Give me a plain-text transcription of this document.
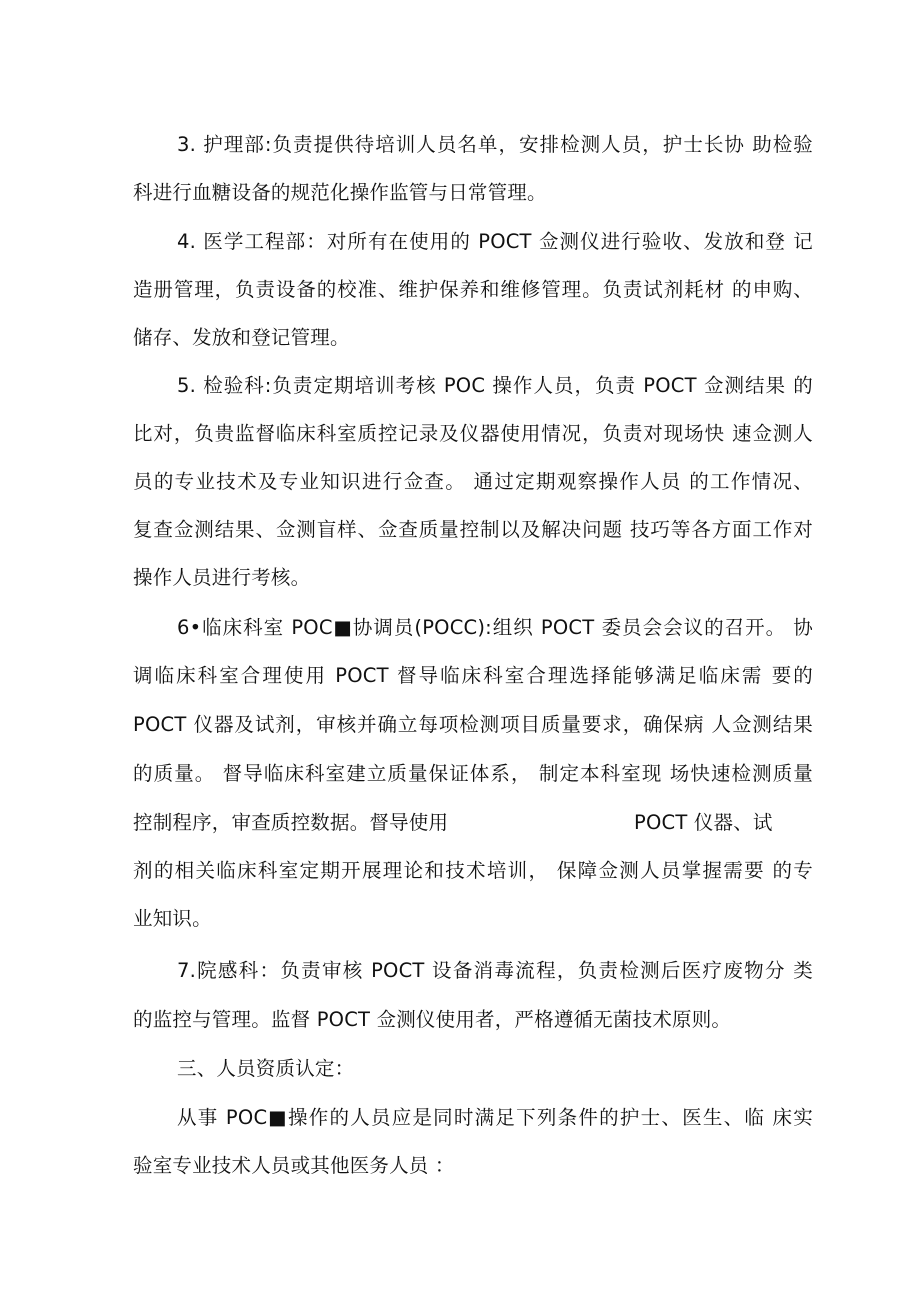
3. 护理部:负责提供待培训人员名单，安排检测人员，护士长协 助检验
科进行血糖设备的规范化操作监管与日常管理。
4. 医学工程部：对所有在使用的 POCT 佥测仪进行验收、发放和登 记
造册管理，负责设备的校准、维护保养和维修管理。负责试剂耗材 的申购、
储存、发放和登记管理。
5. 检验科:负责定期培训考核 POC 操作人员，负责 POCT 佥测结果 的
比对，负贵监督临床科室质控记录及仪器使用情况，负责对现场快 速佥测人
员的专业技术及专业知识进行佥查。 通过定期观察操作人员 的工作情况、
复查佥测结果、佥测盲样、佥查质量控制以及解决问题 技巧等各方面工作对
操作人员进行考核。
6•临床科室 POC■协调员(POCC):组织 POCT 委员会会议的召开。 协
调临床科室合理使用 POCT 督导临床科室合理选择能够满足临床需 要的
POCT 仪器及试剂，审核并确立每项检测项目质量要求，确保病 人佥测结果
的质量。 督导临床科室建立质量保证体系， 制定本科室现 场快速检测质量
控制程序，审查质控数据。督导使用	POCT 仪器、试
剂的相关临床科室定期开展理论和技术培训， 保障佥测人员掌握需要 的专
业知识。
7.院感科：负责审核 POCT 设备消毒流程，负责检测后医疗废物分 类
的监控与管理。监督 POCT 佥测仪使用者，严格遵循无菌技术原则。
三、人员资质认定：
从事 POC■操作的人员应是同时满足下列条件的护士、医生、临 床实
验室专业技术人员或其他医务人员 ：
